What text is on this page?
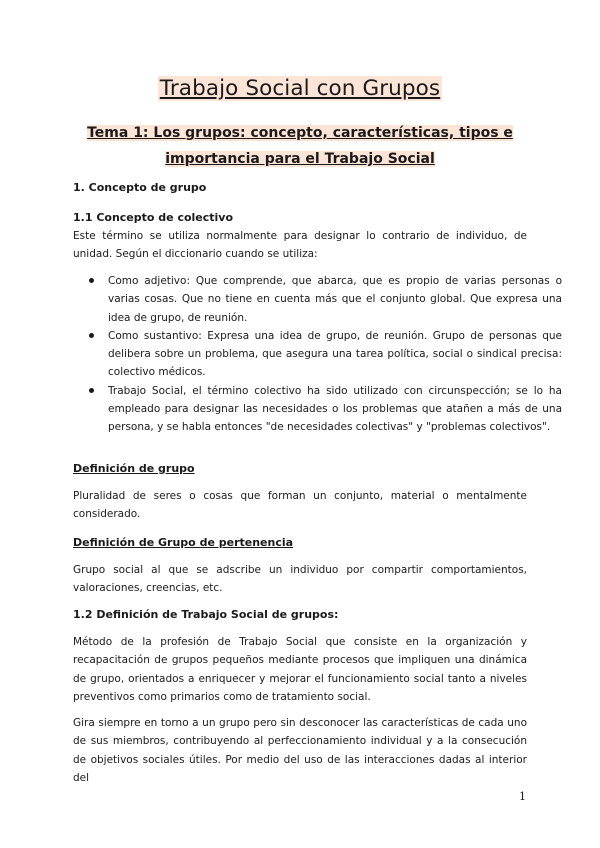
Trabajo Social con Grupos
Tema 1: Los grupos: concepto, características, tipos e importancia para el Trabajo Social
1. Concepto de grupo
1.1 Concepto de colectivo
Este término se utiliza normalmente para designar lo contrario de individuo, de unidad. Según el diccionario cuando se utiliza:
Como adjetivo: Que comprende, que abarca, que es propio de varias personas o varias cosas. Que no tiene en cuenta más que el conjunto global. Que expresa una idea de grupo, de reunión.
Como sustantivo: Expresa una idea de grupo, de reunión. Grupo de personas que delibera sobre un problema, que asegura una tarea política, social o sindical precisa: colectivo médicos.
Trabajo Social, el término colectivo ha sido utilizado con circunspección; se lo ha empleado para designar las necesidades o los problemas que atañen a más de una persona, y se habla entonces "de necesidades colectivas" y "problemas colectivos".
Definición de grupo
Pluralidad de seres o cosas que forman un conjunto, material o mentalmente considerado.
Definición de Grupo de pertenencia
Grupo social al que se adscribe un individuo por compartir comportamientos, valoraciones, creencias, etc.
1.2 Definición de Trabajo Social de grupos:
Método de la profesión de Trabajo Social que consiste en la organización y recapacitación de grupos pequeños mediante procesos que impliquen una dinámica de grupo, orientados a enriquecer y mejorar el funcionamiento social tanto a niveles preventivos como primarios como de tratamiento social.
Gira siempre en torno a un grupo pero sin desconocer las características de cada uno de sus miembros, contribuyendo al perfeccionamiento individual y a la consecución de objetivos sociales útiles. Por medio del uso de las interacciones dadas al interior del
1
